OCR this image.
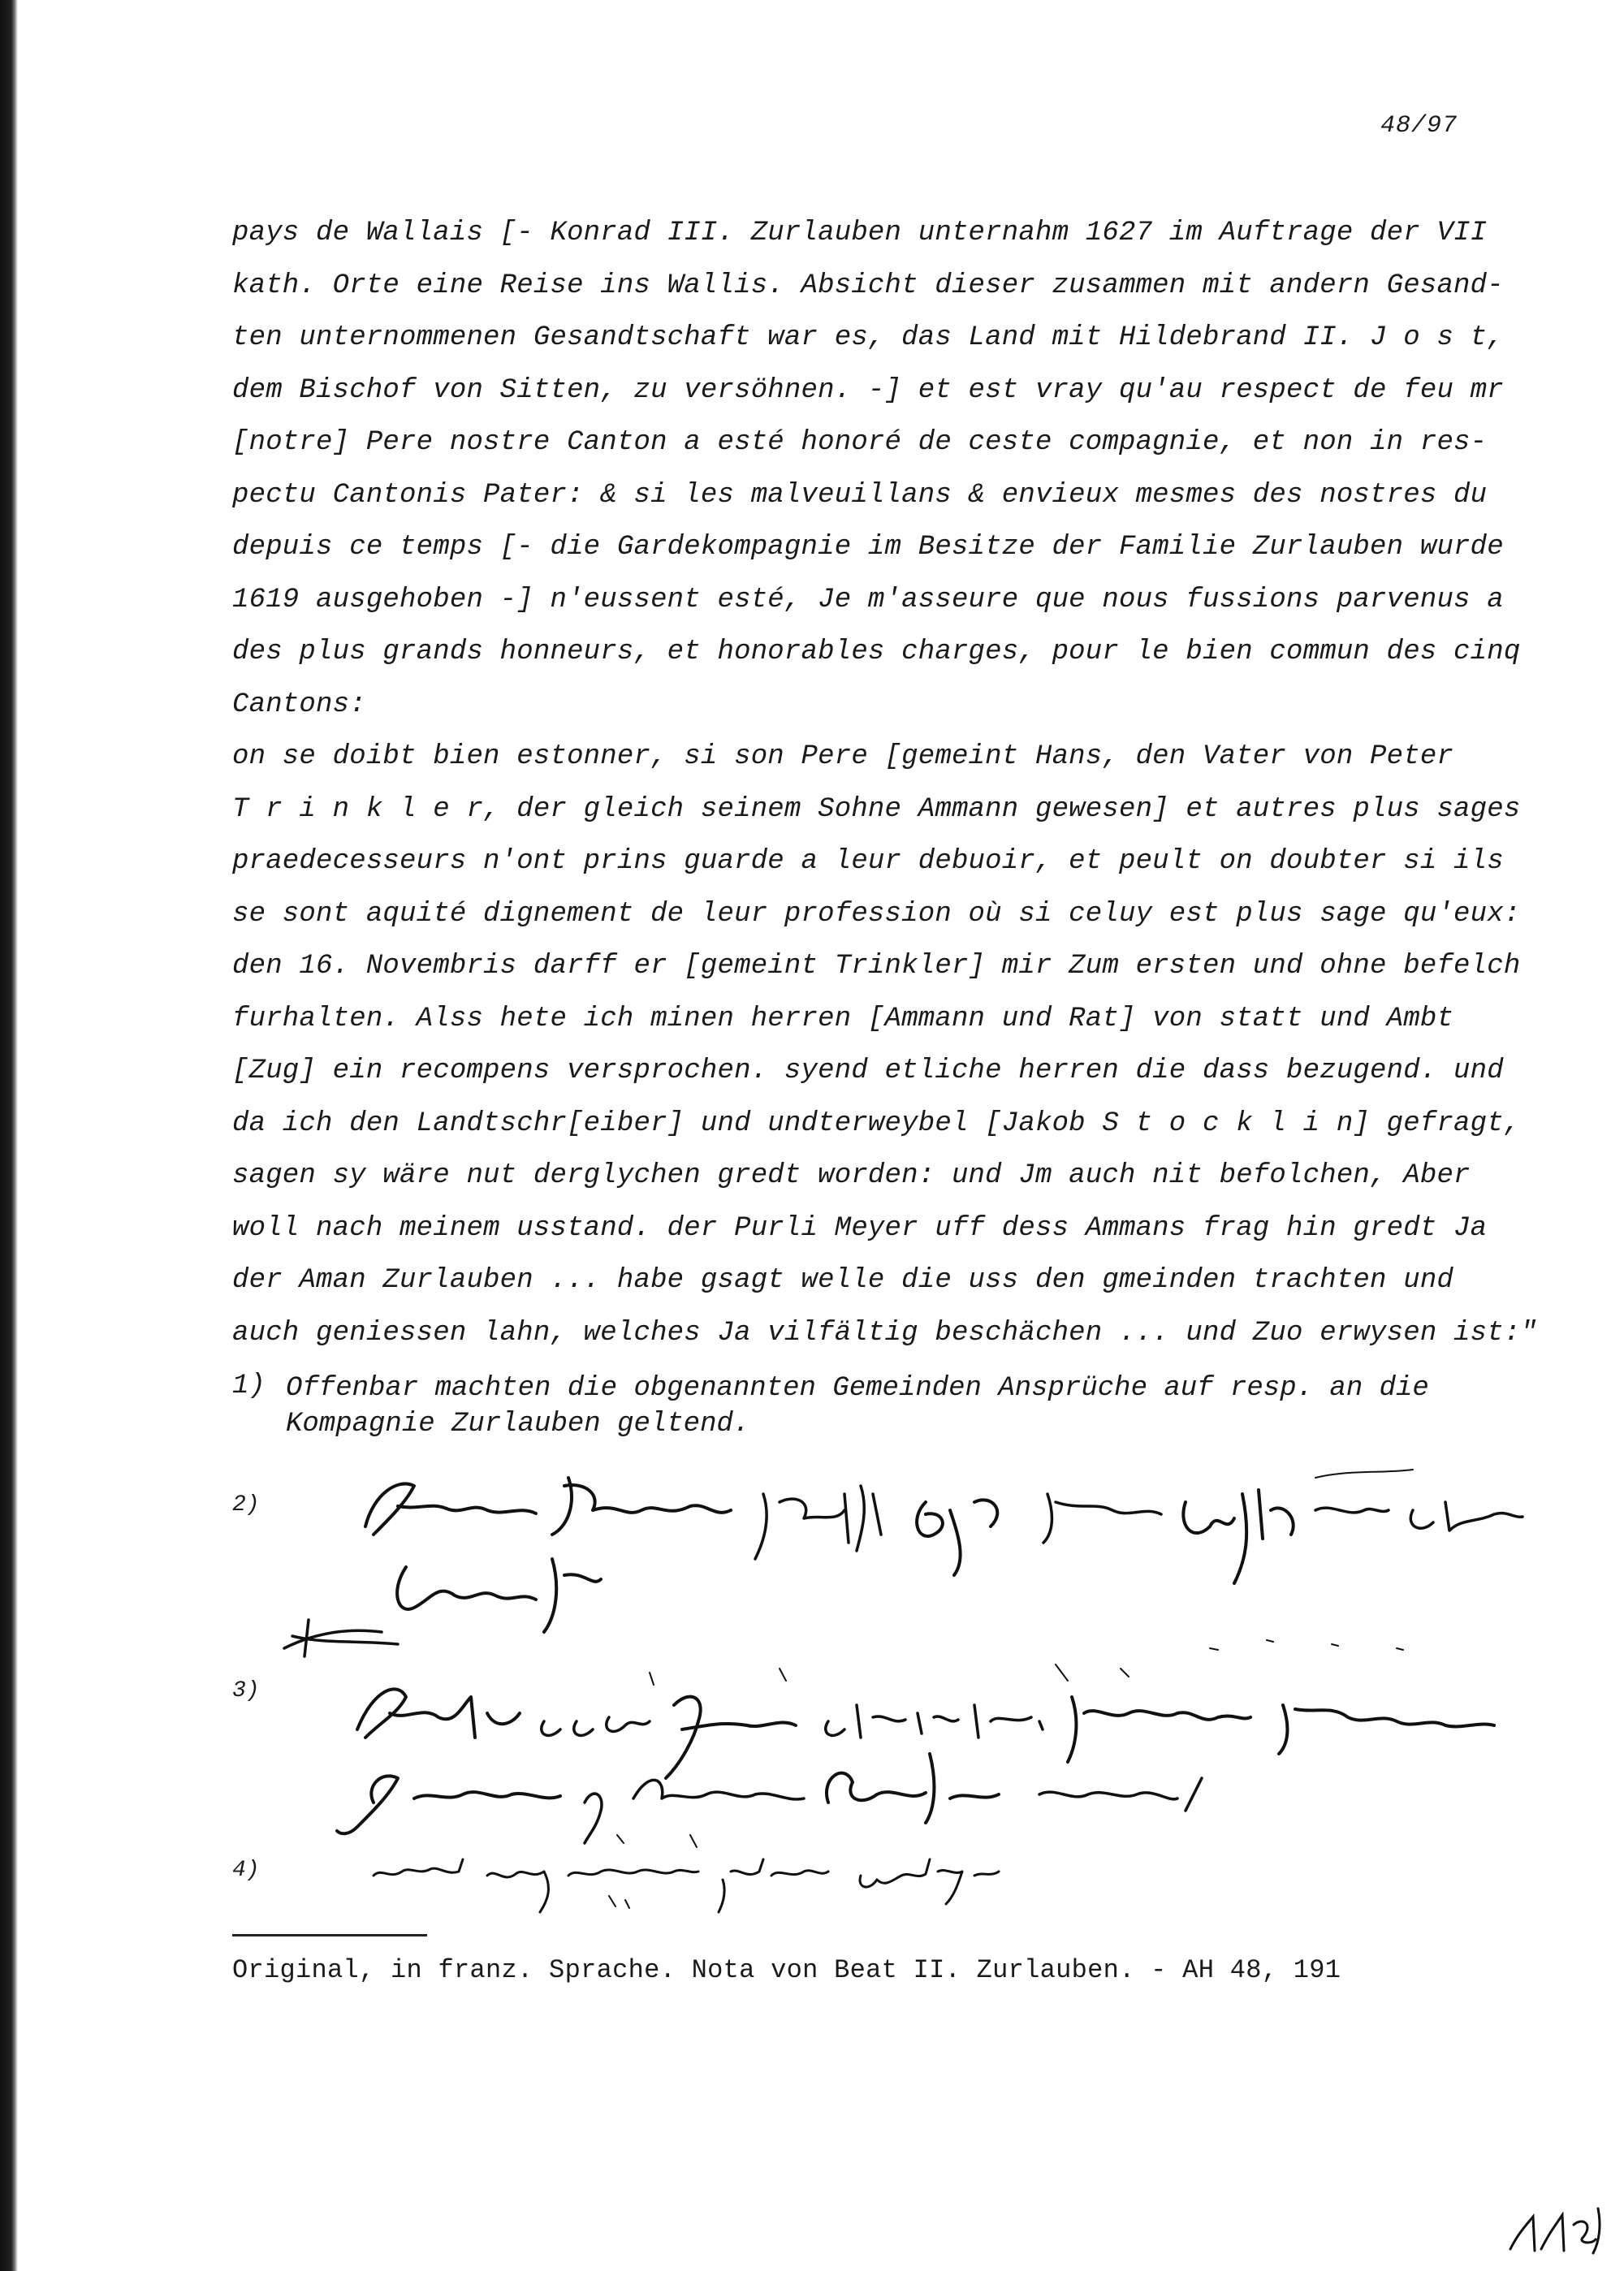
48/97

pays de Wallais [- Konrad III. Zurlauben unternahm 1627 im Auftrage der VII

kath. Orte eine Reise ins Wallis. Absicht dieser zusammen mit andern Gesand-

ten unternommenen Gesandtschaft war es, das Land mit Hildebrand II. J o s t,

dem Bischof von Sitten, zu versöhnen. -] et est vray qu'au respect de feu mr

[notre] Pere nostre Canton a esté honoré de ceste compagnie, et non in res-

pectu Cantonis Pater: & si les malveuillans & envieux mesmes des nostres du

depuis ce temps [- die Gardekompagnie im Besitze der Familie Zurlauben wurde

1619 ausgehoben -] n'eussent esté, Je m'asseure que nous fussions parvenus a

des plus grands honneurs, et honorables charges, pour le bien commun des cinq

Cantons:

on se doibt bien estonner, si son Pere [gemeint Hans, den Vater von Peter

T r i n k l e r, der gleich seinem Sohne Ammann gewesen] et autres plus sages

praedecesseurs n'ont prins guarde a leur debuoir, et peult on doubter si ils

se sont aquité dignement de leur profession où si celuy est plus sage qu'eux:

den 16. Novembris darff er [gemeint Trinkler] mir Zum ersten und ohne befelch

furhalten. Alss hete ich minen herren [Ammann und Rat] von statt und Ambt

[Zug] ein recompens versprochen. syend etliche herren die dass bezugend. und

da ich den Landtschr[eiber] und undterweybel [Jakob S t o c k l i n] gefragt,

sagen sy wäre nut derglychen gredt worden: und Jm auch nit befolchen, Aber

woll nach meinem usstand. der Purli Meyer uff dess Ammans frag hin gredt Ja

der Aman Zurlauben ... habe gsagt welle die uss den gmeinden trachten und

auch geniessen lahn, welches Ja vilfältig beschächen ... und Zuo erwysen ist:"

1) Offenbar machten die obgenannten Gemeinden Ansprüche auf resp. an die
Kompagnie Zurlauben geltend.
2)
3)
4)
Original, in franz. Sprache. Nota von Beat II. Zurlauben. - AH 48, 191
